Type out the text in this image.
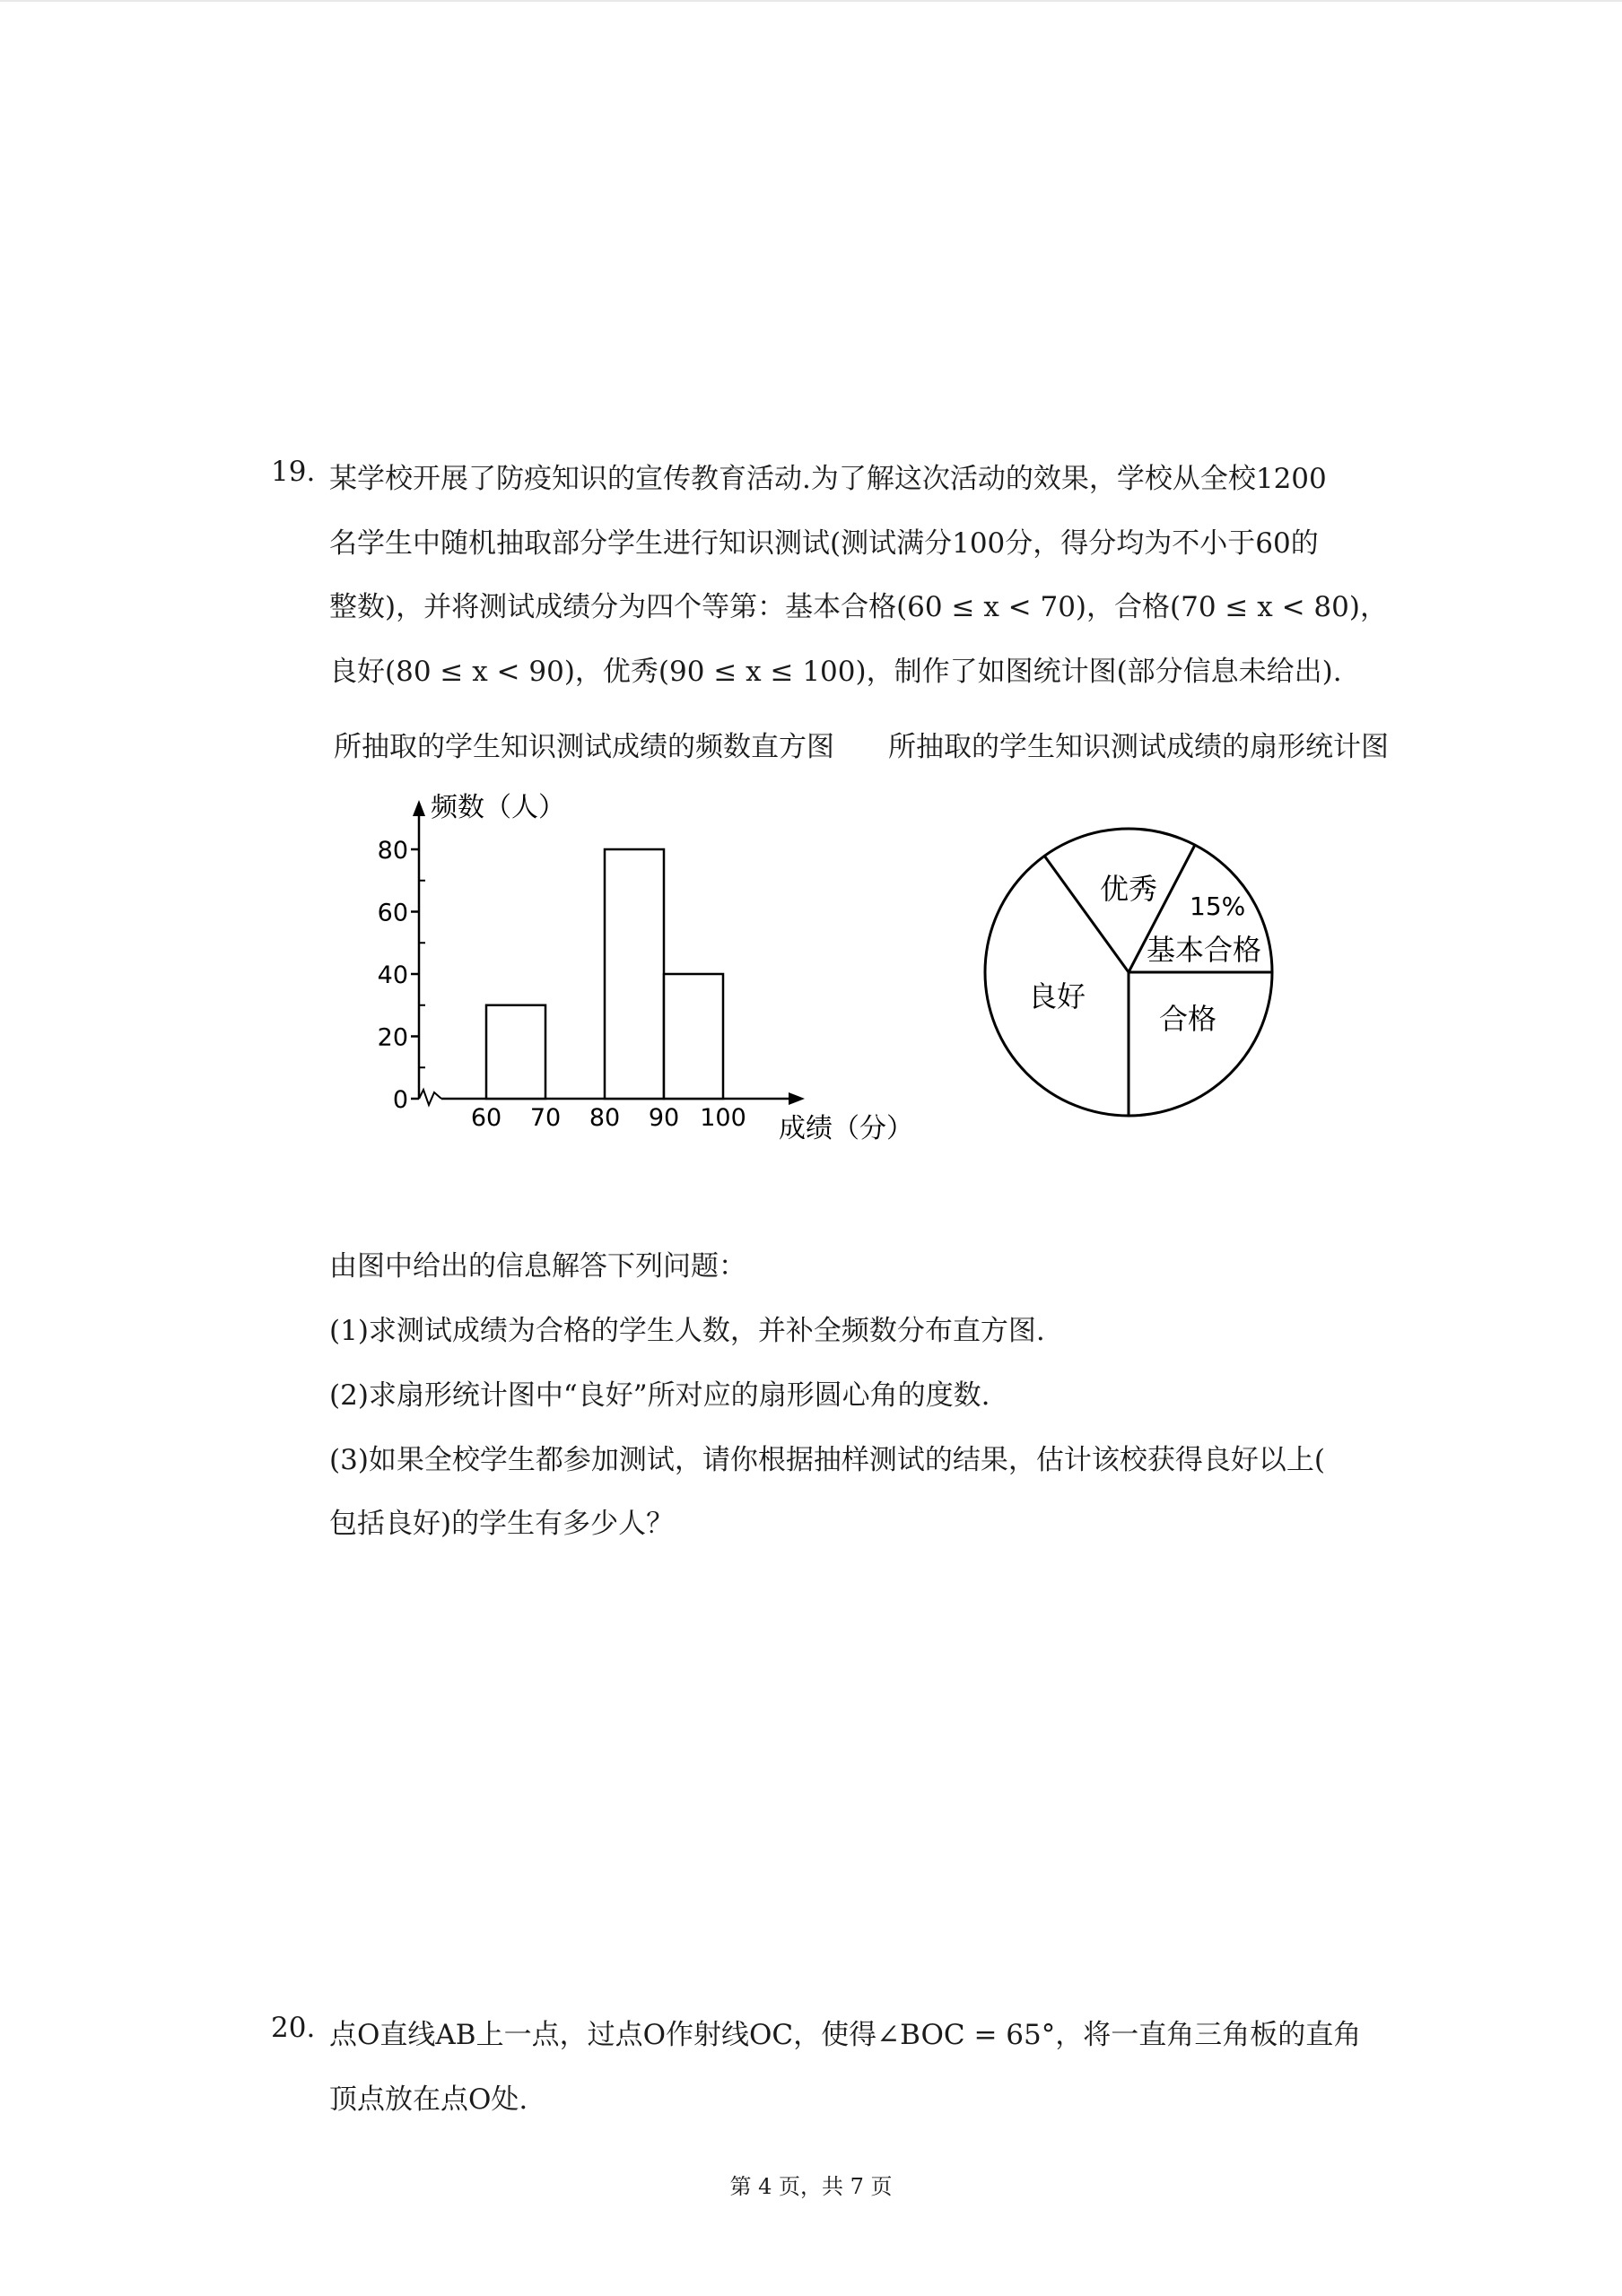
19. 某学校开展了防疫知识的宣传教育活动.为了解这次活动的效果，学校从全校1200
名学生中随机抽取部分学生进行知识测试(测试满分100分，得分均为不小于60的
整数)，并将测试成绩分为四个等第：基本合格(60 ≤ x < 70)，合格(70 ≤ x < 80)，
良好(80 ≤ x < 90)，优秀(90 ≤ x ≤ 100)，制作了如图统计图(部分信息未给出).
所抽取的学生知识测试成绩的频数直方图 所抽取的学生知识测试成绩的扇形统计图
频数（人）
成绩（分）
0
20
40
60
80
60 70 80 90 100
优秀
15%
基本合格
合格
良好
由图中给出的信息解答下列问题：
(1)求测试成绩为合格的学生人数，并补全频数分布直方图.
(2)求扇形统计图中“良好”所对应的扇形圆心角的度数.
(3)如果全校学生都参加测试，请你根据抽样测试的结果，估计该校获得良好以上(
包括良好)的学生有多少人？
20. 点O直线AB上一点，过点O作射线OC，使得∠BOC = 65°，将一直角三角板的直角
顶点放在点O处.
第 4 页，共 7 页
